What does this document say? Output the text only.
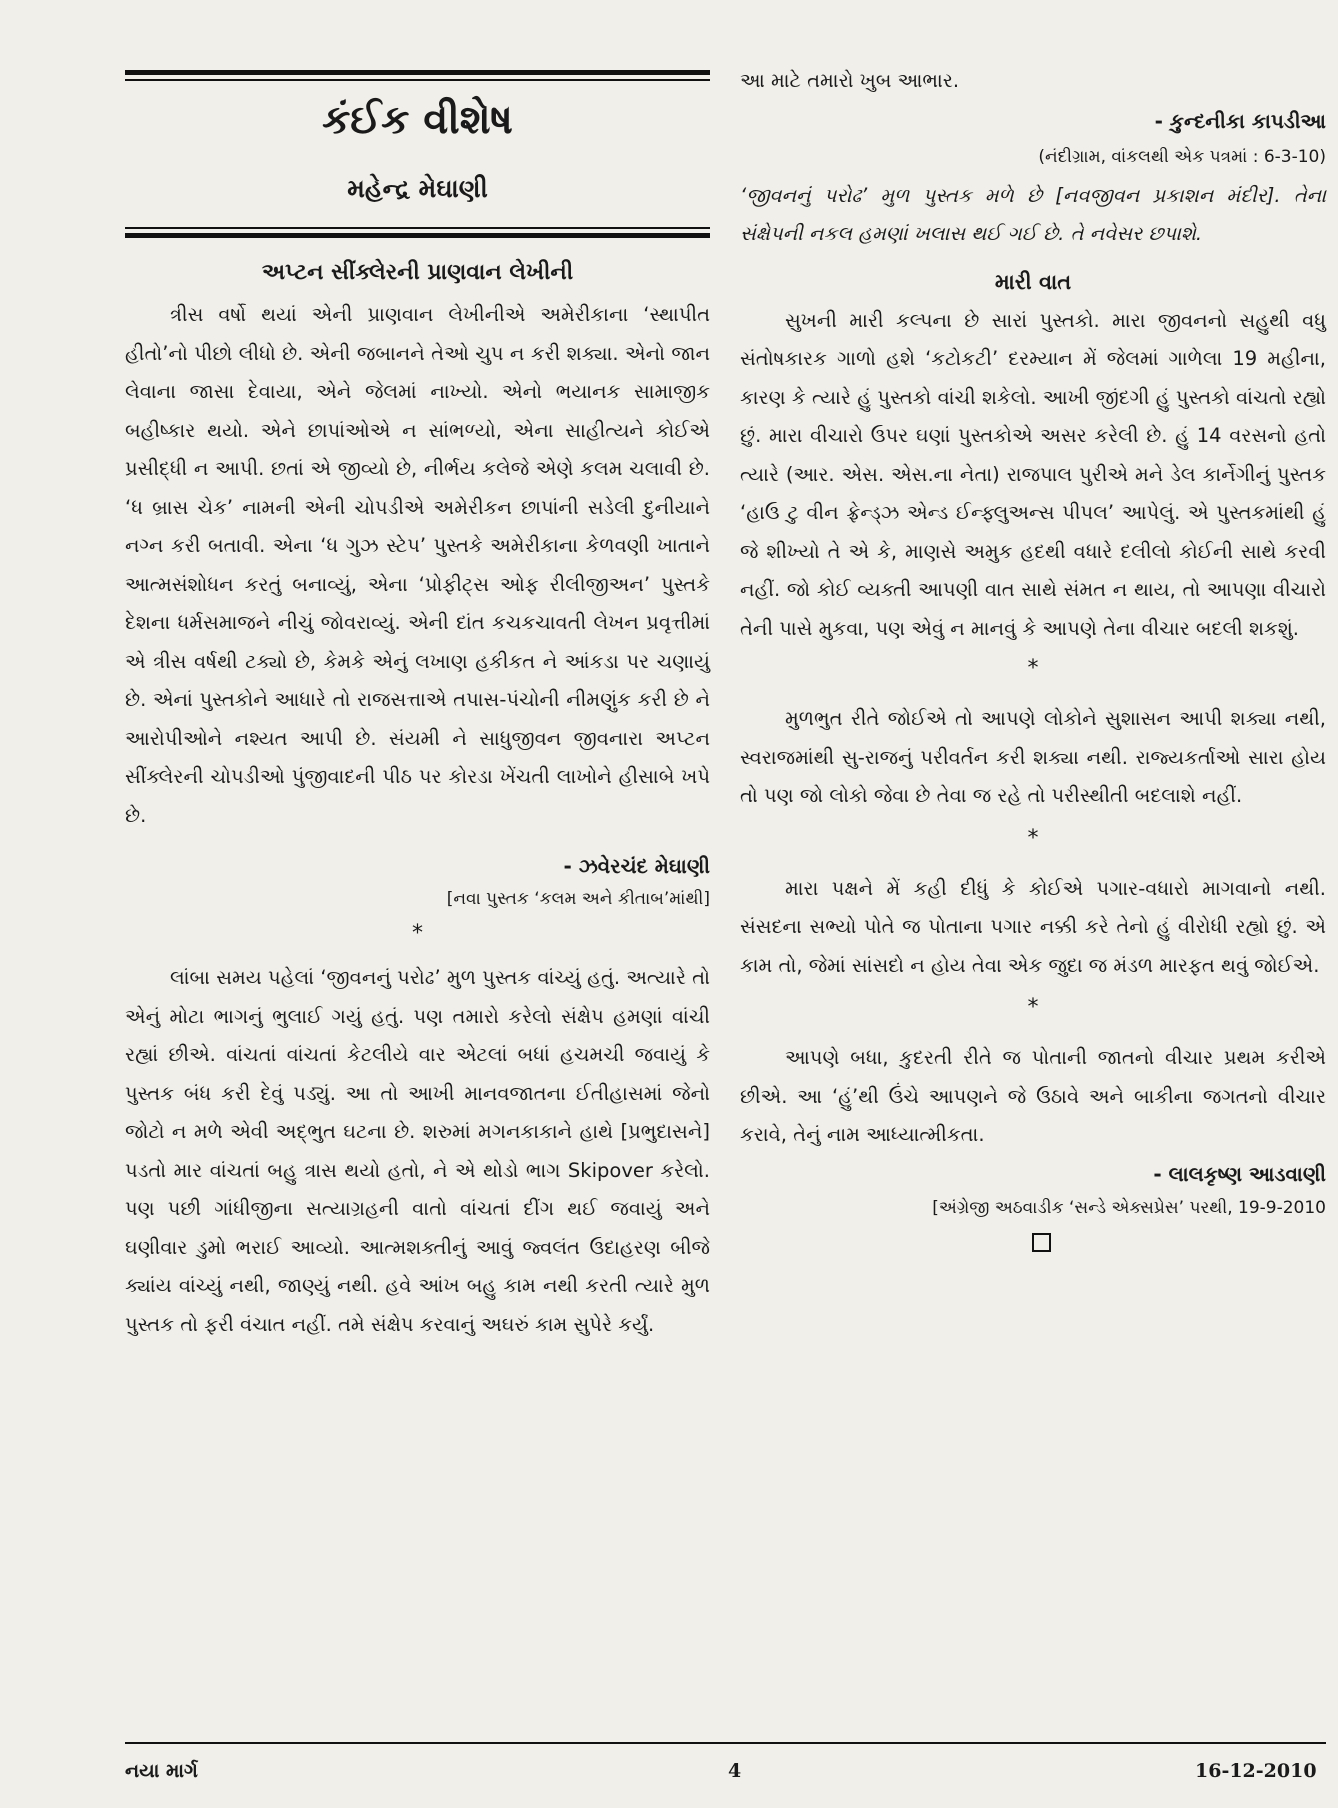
કંઈક વીશેષ
મહેન્દ્ર મેઘાણી
અપ્ટન સીંક્લેરની પ્રાણવાન લેખીની

ત્રીસ વર્ષો થયાં એની પ્રાણવાન લેખીનીએ અમેરીકાના ‘સ્થાપીત હીતો’નો પીછો લીધો છે. એની જબાનને તેઓ ચુપ ન કરી શક્યા. એનો જાન લેવાના જાસા દેવાયા, એને જેલમાં નાખ્યો. એનો ભયાનક સામાજીક બહીષ્કાર થયો. એને છાપાંઓએ ન સાંભળ્યો, એના સાહીત્યને કોઈએ પ્રસીદ્ધી ન આપી. છતાં એ જીવ્યો છે, નીર્ભય કલેજે એણે કલમ ચલાવી છે. ‘ધ બ્રાસ ચેક’ નામની એની ચોપડીએ અમેરીકન છાપાંની સડેલી દુનીયાને નગ્ન કરી બતાવી. એના ‘ધ ગુઝ સ્ટેપ’ પુસ્તકે અમેરીકાના કેળવણી ખાતાને આત્મસંશોધન કરતું બનાવ્યું, એના ‘પ્રોફીટ્સ ઓફ રીલીજીઅન’ પુસ્તકે દેશના ધર્મસમાજને નીચું જોવરાવ્યું. એની દાંત કચકચાવતી લેખન પ્રવૃત્તીમાં એ ત્રીસ વર્ષથી ટક્યો છે, કેમકે એનું લખાણ હકીકત ને આંકડા પર ચણાયું છે. એનાં પુસ્તકોને આધારે તો રાજસત્તાએ તપાસ-પંચોની નીમણુંક કરી છે ને આરોપીઓને નશ્યત આપી છે. સંયમી ને સાધુજીવન જીવનારા અપ્ટન સીંક્લેરની ચોપડીઓ પુંજીવાદની પીઠ પર કોરડા ખેંચતી લાખોને હીસાબે ખપે છે.

- ઝવેરચંદ મેઘાણી

[નવા પુસ્તક ‘કલમ અને કીતાબ’માંથી]

*

લાંબા સમય પહેલાં ‘જીવનનું પરોઢ’ મુળ પુસ્તક વાંચ્યું હતું. અત્યારે તો એનું મોટા ભાગનું ભુલાઈ ગયું હતું. પણ તમારો કરેલો સંક્ષેપ હમણાં વાંચી રહ્યાં છીએ. વાંચતાં વાંચતાં કેટલીયે વાર એટલાં બધાં હચમચી જવાયું કે પુસ્તક બંધ કરી દેવું પડ્યું. આ તો આખી માનવજાતના ઈતીહાસમાં જેનો જોટો ન મળે એવી અદ્ભુત ઘટના છે. શરુમાં મગનકાકાને હાથે [પ્રભુદાસને] પડતો માર વાંચતાં બહુ ત્રાસ થયો હતો, ને એ થોડો ભાગ Skipover કરેલો. પણ પછી ગાંધીજીના સત્યાગ્રહની વાતો વાંચતાં દીંગ થઈ જવાયું અને ઘણીવાર ડુમો ભરાઈ આવ્યો. આત્મશક્તીનું આવું જ્વલંત ઉદાહરણ બીજે ક્યાંય વાંચ્યું નથી, જાણ્યું નથી. હવે આંખ બહુ કામ નથી કરતી ત્યારે મુળ પુસ્તક તો ફરી વંચાત નહીં. તમે સંક્ષેપ કરવાનું અઘરું કામ સુપેરે કર્યું.

આ માટે તમારો ખુબ આભાર.

- કુન્દનીકા કાપડીઆ

(નંદીગ્રામ, વાંકલથી એક પત્રમાં : 6-3-10)

‘જીવનનું પરોઢ’ મુળ પુસ્તક મળે છે [નવજીવન પ્રકાશન મંદીર]. તેના સંક્ષેપની નકલ હમણાં ખલાસ થઈ ગઈ છે. તે નવેસર છપાશે.

મારી વાત

સુખની મારી કલ્પના છે સારાં પુસ્તકો. મારા જીવનનો સહુથી વધુ સંતોષકારક ગાળો હશે ‘કટોકટી’ દરમ્યાન મેં જેલમાં ગાળેલા 19 મહીના, કારણ કે ત્યારે હું પુસ્તકો વાંચી શકેલો. આખી જીંદગી હું પુસ્તકો વાંચતો રહ્યો છું. મારા વીચારો ઉપર ઘણાં પુસ્તકોએ અસર કરેલી છે. હું 14 વરસનો હતો ત્યારે (આર. એસ. એસ.ના નેતા) રાજપાલ પુરીએ મને ડેલ કાર્નેગીનું પુસ્તક ‘હાઉ ટુ વીન ફ્રેન્ડ્ઝ એન્ડ ઈન્ફ્લુઅન્સ પીપલ’ આપેલું. એ પુસ્તકમાંથી હું જે શીખ્યો તે એ કે, માણસે અમુક હદથી વધારે દલીલો કોઈની સાથે કરવી નહીં. જો કોઈ વ્યક્તી આપણી વાત સાથે સંમત ન થાય, તો આપણા વીચારો તેની પાસે મુકવા, પણ એવું ન માનવું કે આપણે તેના વીચાર બદલી શકશું.

*

મુળભુત રીતે જોઈએ તો આપણે લોકોને સુશાસન આપી શક્યા નથી, સ્વરાજમાંથી સુ-રાજનું પરીવર્તન કરી શક્યા નથી. રાજ્યકર્તાઓ સારા હોય તો પણ જો લોકો જેવા છે તેવા જ રહે તો પરીસ્થીતી બદલાશે નહીં.

*

મારા પક્ષને મેં કહી દીધું કે કોઈએ પગાર-વધારો માગવાનો નથી. સંસદના સભ્યો પોતે જ પોતાના પગાર નક્કી કરે તેનો હું વીરોધી રહ્યો છું. એ કામ તો, જેમાં સાંસદો ન હોય તેવા એક જુદા જ મંડળ મારફત થવું જોઈએ.

*

આપણે બધા, કુદરતી રીતે જ પોતાની જાતનો વીચાર પ્રથમ કરીએ છીએ. આ ‘હું’થી ઉંચે આપણને જે ઉઠાવે અને બાકીના જગતનો વીચાર કરાવે, તેનું નામ આધ્યાત્મીકતા.

- લાલકૃષ્ણ આડવાણી

[અંગ્રેજી અઠવાડીક ‘સન્ડે એક્સપ્રેસ’ પરથી, 19-9-2010

નયા માર્ગ	4	16-12-2010
